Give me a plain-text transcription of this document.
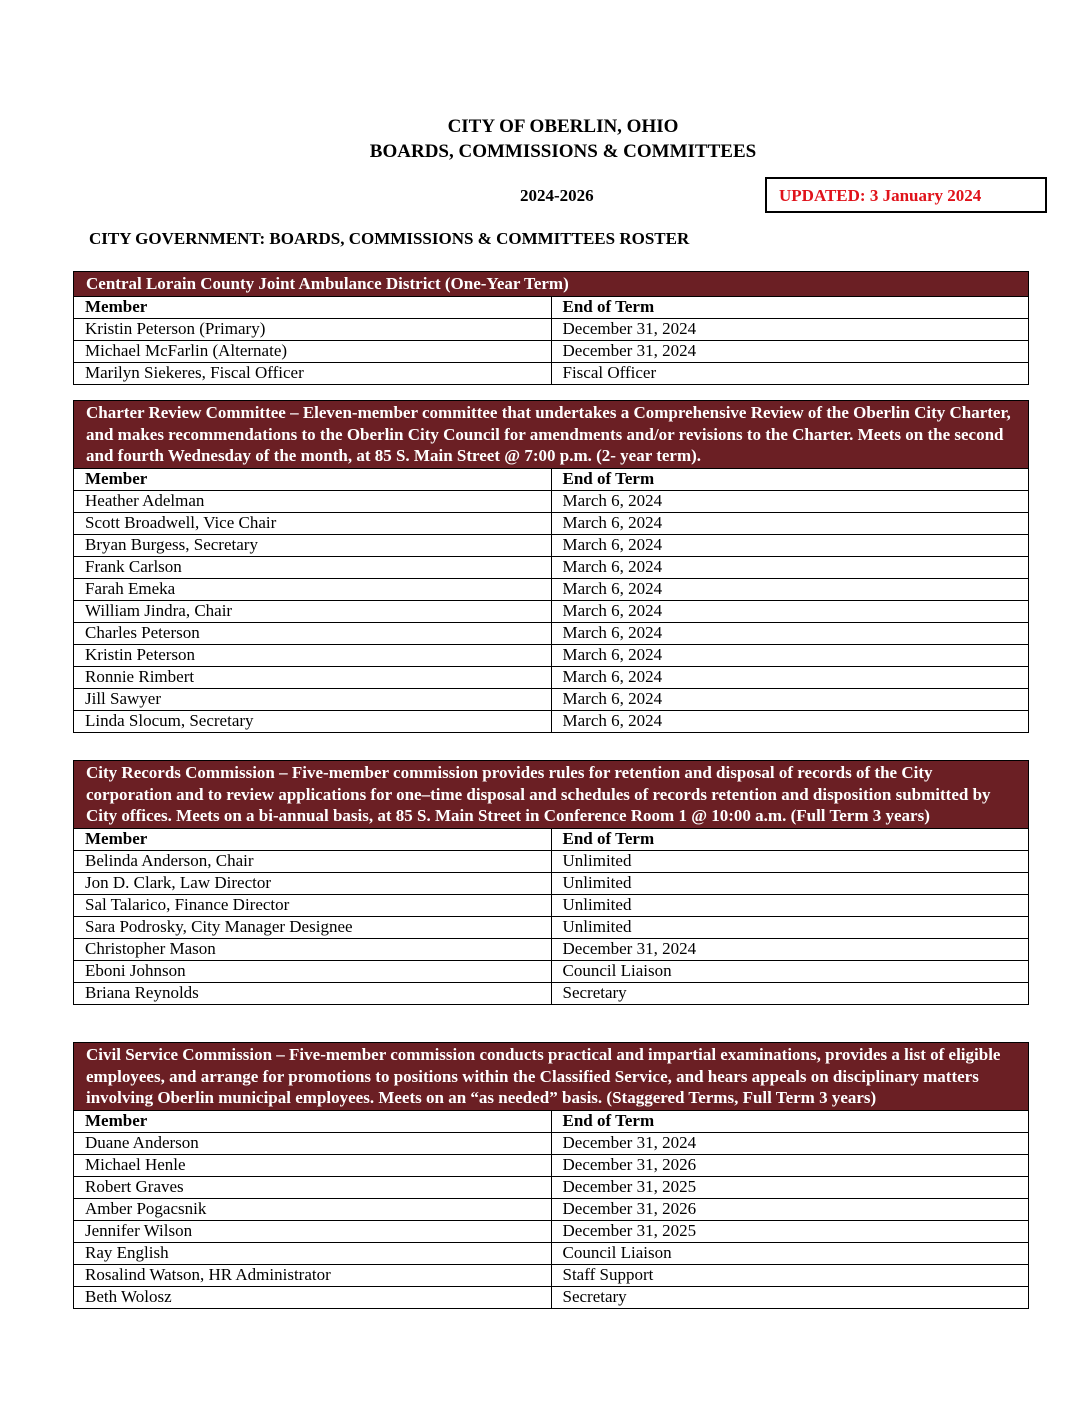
CITY OF OBERLIN, OHIO
BOARDS, COMMISSIONS & COMMITTEES
2024-2026	UPDATED: 3 January 2024
CITY GOVERNMENT: BOARDS, COMMISSIONS & COMMITTEES ROSTER
Central Lorain County Joint Ambulance District (One-Year Term)	
Member	End of Term
Kristin Peterson (Primary)	December 31, 2024
Michael McFarlin (Alternate)	December 31, 2024
Marilyn Siekeres, Fiscal Officer	Fiscal Officer
Charter Review Committee – Eleven-member committee that undertakes a Comprehensive Review of the Oberlin City Charter, and makes recommendations to the Oberlin City Council for amendments and/or revisions to the Charter. Meets on the second and fourth Wednesday of the month, at 85 S. Main Street @ 7:00 p.m. (2- year term).	
Member	End of Term
Heather Adelman	March 6, 2024
Scott Broadwell, Vice Chair	March 6, 2024
Bryan Burgess, Secretary	March 6, 2024
Frank Carlson	March 6, 2024
Farah Emeka	March 6, 2024
William Jindra, Chair	March 6, 2024
Charles Peterson	March 6, 2024
Kristin Peterson	March 6, 2024
Ronnie Rimbert	March 6, 2024
Jill Sawyer	March 6, 2024
Linda Slocum, Secretary	March 6, 2024
City Records Commission – Five-member commission provides rules for retention and disposal of records of the City corporation and to review applications for one–time disposal and schedules of records retention and disposition submitted by City offices. Meets on a bi-annual basis, at 85 S. Main Street in Conference Room 1 @ 10:00 a.m. (Full Term 3 years)	
Member	End of Term
Belinda Anderson, Chair	Unlimited
Jon D. Clark, Law Director	Unlimited
Sal Talarico, Finance Director	Unlimited
Sara Podrosky, City Manager Designee	Unlimited
Christopher Mason	December 31, 2024
Eboni Johnson	Council Liaison
Briana Reynolds	Secretary
Civil Service Commission – Five-member commission conducts practical and impartial examinations, provides a list of eligible employees, and arrange for promotions to positions within the Classified Service, and hears appeals on disciplinary matters involving Oberlin municipal employees. Meets on an “as needed” basis. (Staggered Terms, Full Term 3 years)	
Member	End of Term
Duane Anderson	December 31, 2024
Michael Henle	December 31, 2026
Robert Graves	December 31, 2025
Amber Pogacsnik	December 31, 2026
Jennifer Wilson	December 31, 2025
Ray English	Council Liaison
Rosalind Watson, HR Administrator	Staff Support
Beth Wolosz	Secretary
